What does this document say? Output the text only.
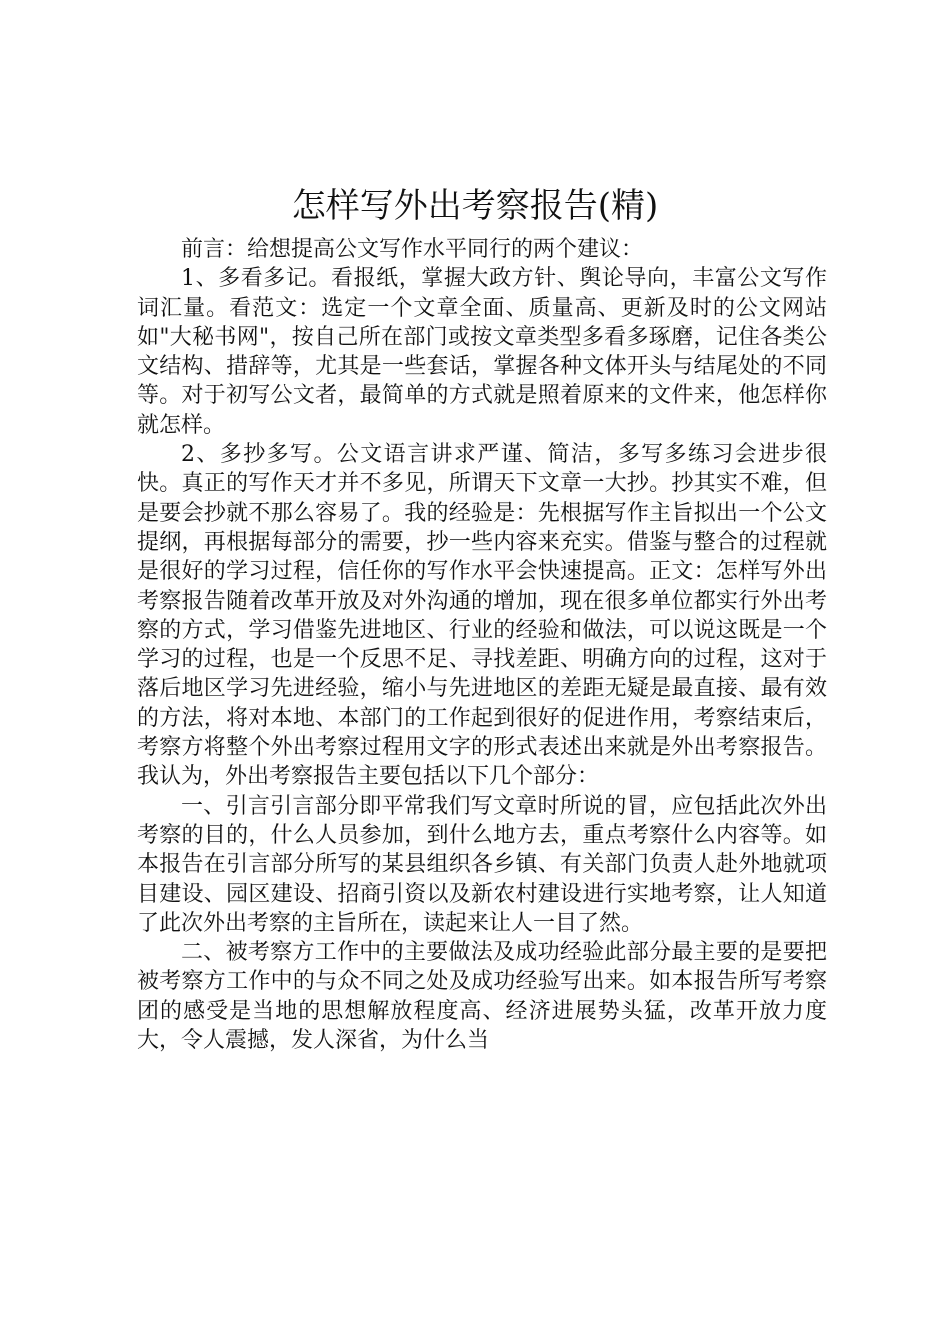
怎样写外出考察报告(精)

前言：给想提高公文写作水平同行的两个建议：

1、多看多记。看报纸，掌握大政方针、舆论导向，丰富公文写作词汇量。看范文：选定一个文章全面、质量高、更新及时的公文网站如"大秘书网"，按自己所在部门或按文章类型多看多琢磨，记住各类公文结构、措辞等，尤其是一些套话，掌握各种文体开头与结尾处的不同等。对于初写公文者，最简单的方式就是照着原来的文件来，他怎样你就怎样。

2、多抄多写。公文语言讲求严谨、简洁，多写多练习会进步很快。真正的写作天才并不多见，所谓天下文章一大抄。抄其实不难，但是要会抄就不那么容易了。我的经验是：先根据写作主旨拟出一个公文提纲，再根据每部分的需要，抄一些内容来充实。借鉴与整合的过程就是很好的学习过程，信任你的写作水平会快速提高。正文：怎样写外出考察报告随着改革开放及对外沟通的增加，现在很多单位都实行外出考察的方式，学习借鉴先进地区、行业的经验和做法，可以说这既是一个学习的过程，也是一个反思不足、寻找差距、明确方向的过程，这对于落后地区学习先进经验，缩小与先进地区的差距无疑是最直接、最有效的方法，将对本地、本部门的工作起到很好的促进作用，考察结束后，考察方将整个外出考察过程用文字的形式表述出来就是外出考察报告。我认为，外出考察报告主要包括以下几个部分：

一、引言引言部分即平常我们写文章时所说的冒，应包括此次外出考察的目的，什么人员参加，到什么地方去，重点考察什么内容等。如本报告在引言部分所写的某县组织各乡镇、有关部门负责人赴外地就项目建设、园区建设、招商引资以及新农村建设进行实地考察，让人知道了此次外出考察的主旨所在，读起来让人一目了然。

二、被考察方工作中的主要做法及成功经验此部分最主要的是要把被考察方工作中的与众不同之处及成功经验写出来。如本报告所写考察团的感受是当地的思想解放程度高、经济进展势头猛，改革开放力度大，令人震撼，发人深省，为什么当
